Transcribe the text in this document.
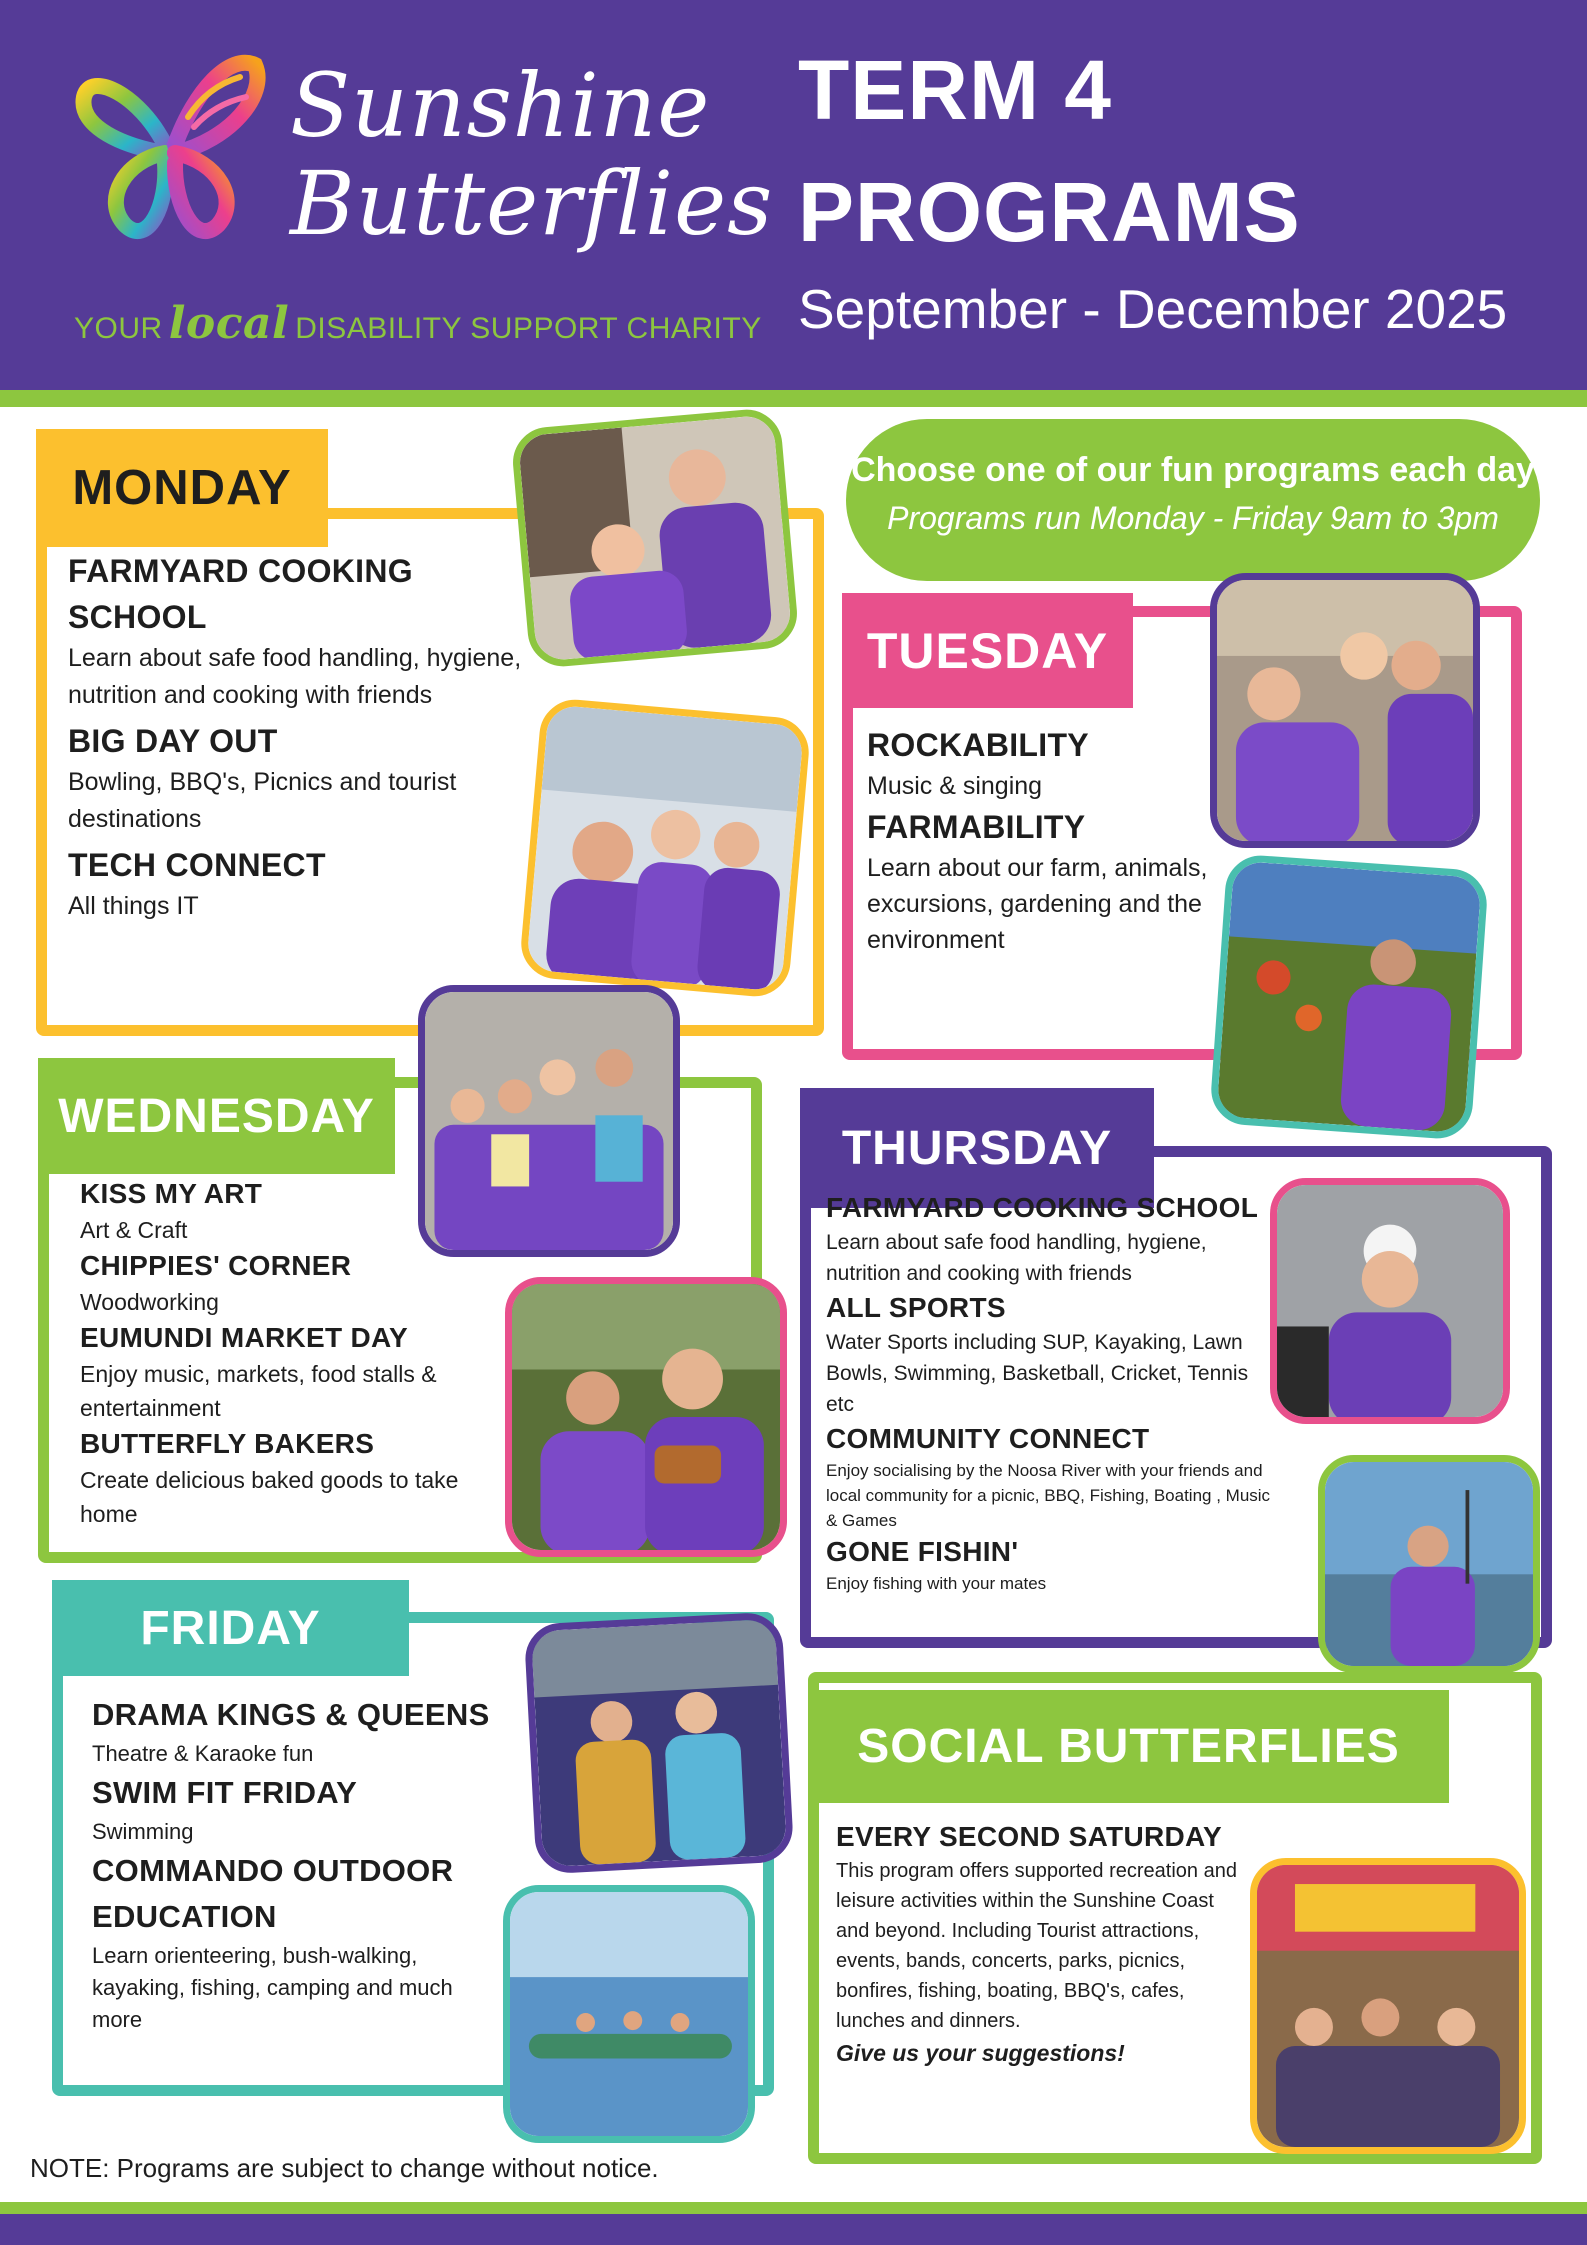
Sunshine
Butterflies
YOUR local DISABILITY SUPPORT CHARITY
TERM 4
PROGRAMS
September - December 2025
MONDAY
FARMYARD COOKING SCHOOL
Learn about safe food handling, hygiene, nutrition and cooking with friends
BIG DAY OUT
Bowling, BBQ's, Picnics and tourist destinations
TECH CONNECT
All things IT
Choose one of our fun programs each day
Programs run Monday - Friday 9am to 3pm
TUESDAY
ROCKABILITY
Music & singing
FARMABILITY
Learn about our farm, animals, excursions, gardening and the environment
WEDNESDAY
KISS MY ART
Art & Craft
CHIPPIES' CORNER
Woodworking
EUMUNDI MARKET DAY
Enjoy music, markets, food stalls & entertainment
BUTTERFLY BAKERS
Create delicious baked goods to take home
THURSDAY
FARMYARD COOKING SCHOOL
Learn about safe food handling, hygiene, nutrition and cooking with friends
ALL SPORTS
Water Sports including SUP, Kayaking, Lawn Bowls, Swimming, Basketball, Cricket, Tennis etc
COMMUNITY CONNECT
Enjoy socialising by the Noosa River with your friends and local community for a picnic, BBQ, Fishing, Boating , Music & Games
GONE FISHIN'
Enjoy fishing with your mates
FRIDAY
DRAMA KINGS & QUEENS
Theatre & Karaoke fun
SWIM FIT FRIDAY
Swimming
COMMANDO OUTDOOR EDUCATION
Learn orienteering, bush-walking, kayaking, fishing, camping and much more
SOCIAL BUTTERFLIES
EVERY SECOND SATURDAY
This program offers supported recreation and leisure activities within the Sunshine Coast and beyond. Including Tourist attractions, events, bands, concerts, parks, picnics, bonfires, fishing, boating, BBQ's, cafes, lunches and dinners.
Give us your suggestions!
NOTE: Programs are subject to change without notice.
